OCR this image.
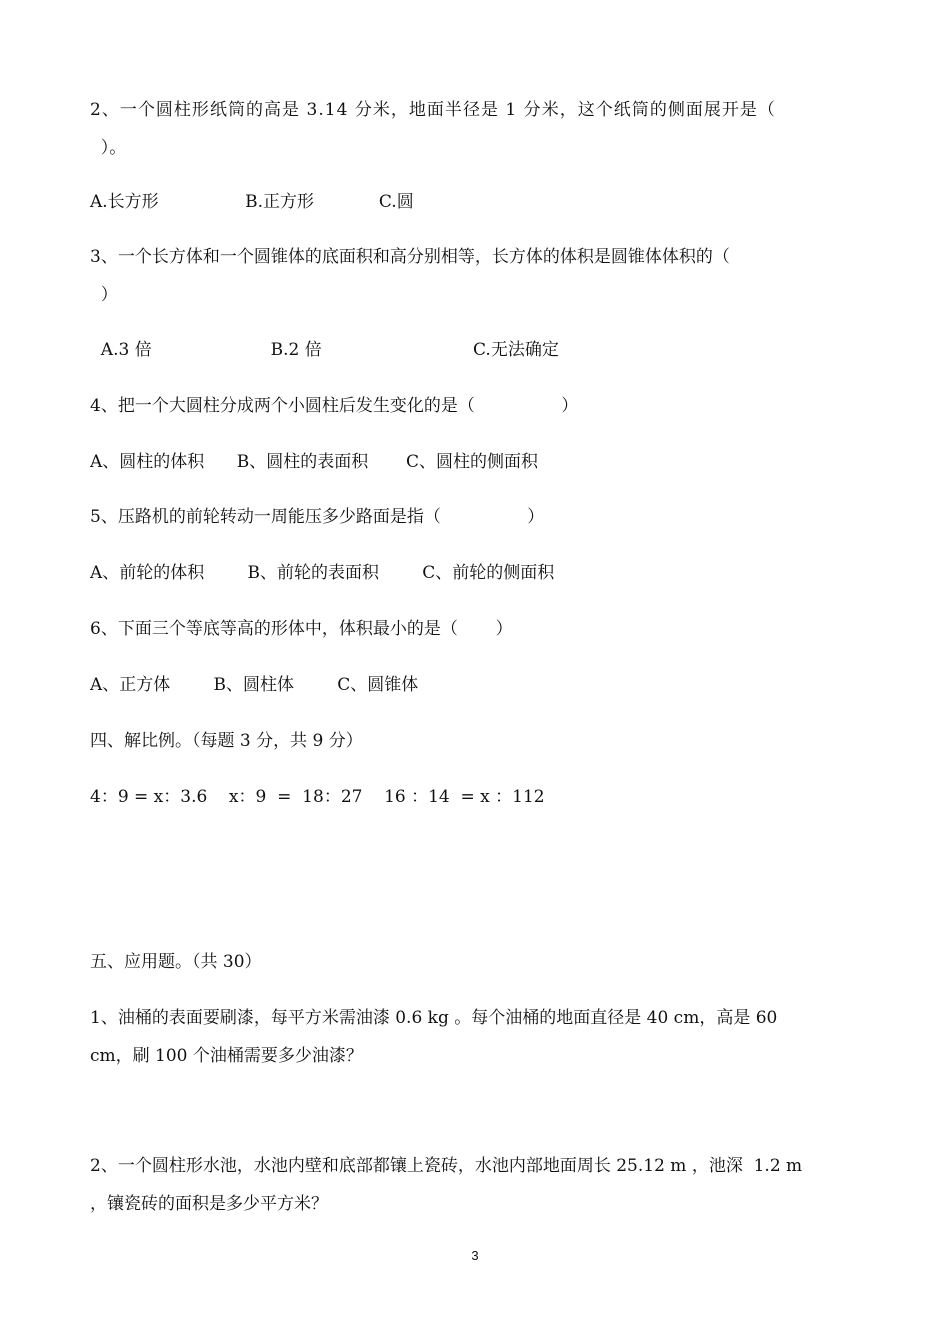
2、一个圆柱形纸筒的高是 3.14 分米，地面半径是 1 分米，这个纸筒的侧面展开是（
）。
A.长方形                B.正方形            C.圆
3、一个长方体和一个圆锥体的底面积和高分别相等，长方体的体积是圆锥体体积的（
）
A.3 倍                      B.2 倍                            C.无法确定
4、把一个大圆柱分成两个小圆柱后发生变化的是（                ）
A、圆柱的体积      B、圆柱的表面积       C、圆柱的侧面积
5、压路机的前轮转动一周能压多少路面是指（                ）
A、前轮的体积        B、前轮的表面积        C、前轮的侧面积
6、下面三个等底等高的形体中，体积最小的是（       ）
A、正方体        B、圆柱体        C、圆锥体
四、解比例。（每题 3 分，共 9 分）
4：9 = x：3.6    x：9  =  18：27    16 ：14  = x ：112
五、应用题。（共 30）
1、油桶的表面要刷漆，每平方米需油漆 0.6 kg 。每个油桶的地面直径是 40 cm，高是 60
cm，刷 100 个油桶需要多少油漆？
2、一个圆柱形水池，水池内壁和底部都镶上瓷砖，水池内部地面周长 25.12 m ，池深  1.2 m
，镶瓷砖的面积是多少平方米？
3
